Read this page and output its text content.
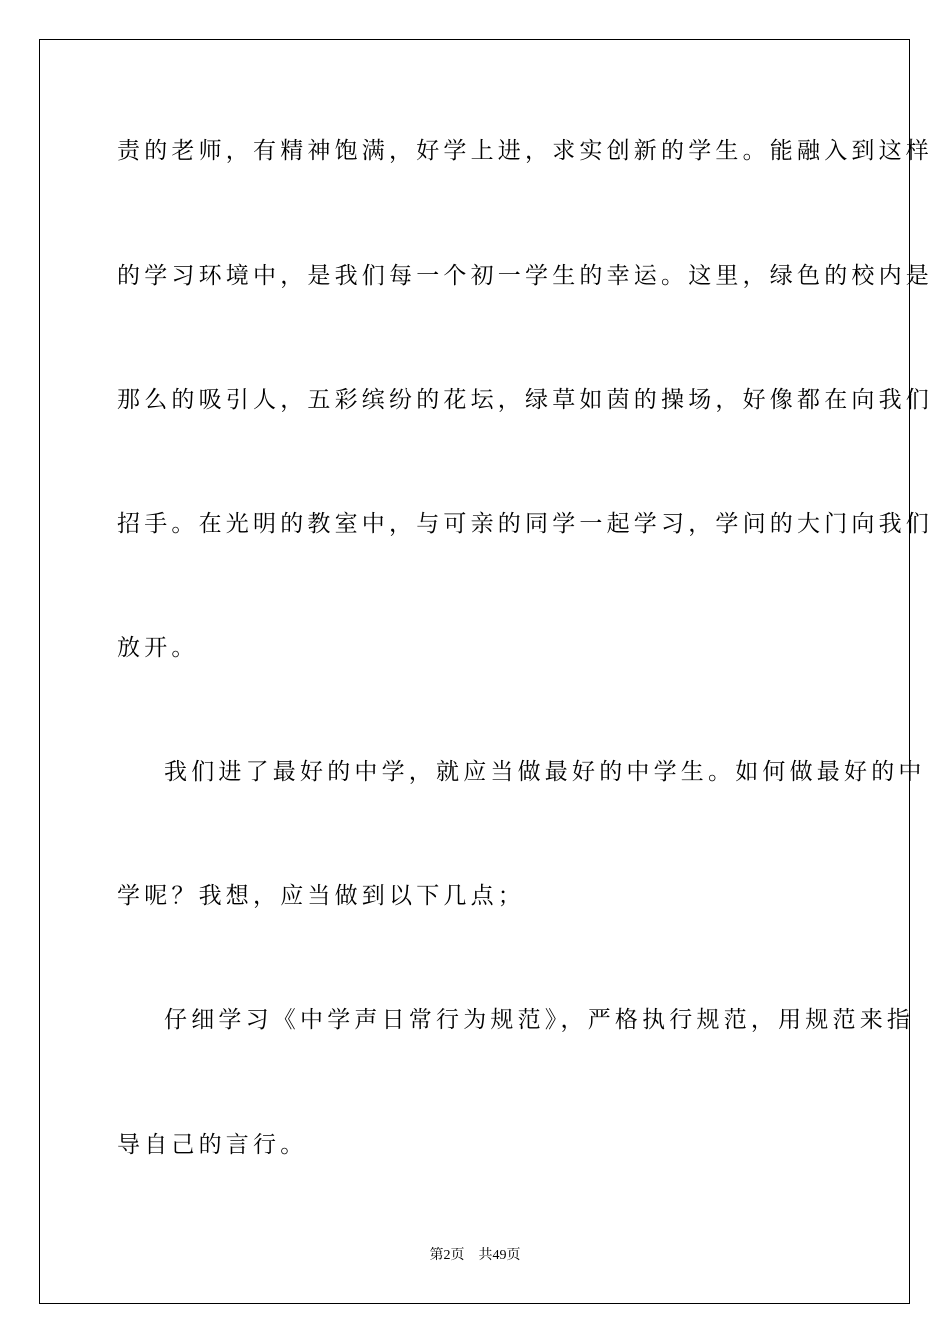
责的老师，有精神饱满，好学上进，求实创新的学生。能融入到这样
的学习环境中，是我们每一个初一学生的幸运。这里，绿色的校内是
那么的吸引人，五彩缤纷的花坛，绿草如茵的操场，好像都在向我们
招手。在光明的教室中，与可亲的同学一起学习，学问的大门向我们
放开。
我们进了最好的中学，就应当做最好的中学生。如何做最好的中
学呢？我想，应当做到以下几点；
仔细学习《中学声日常行为规范》，严格执行规范，用规范来指
导自己的言行。
第2页 共49页
